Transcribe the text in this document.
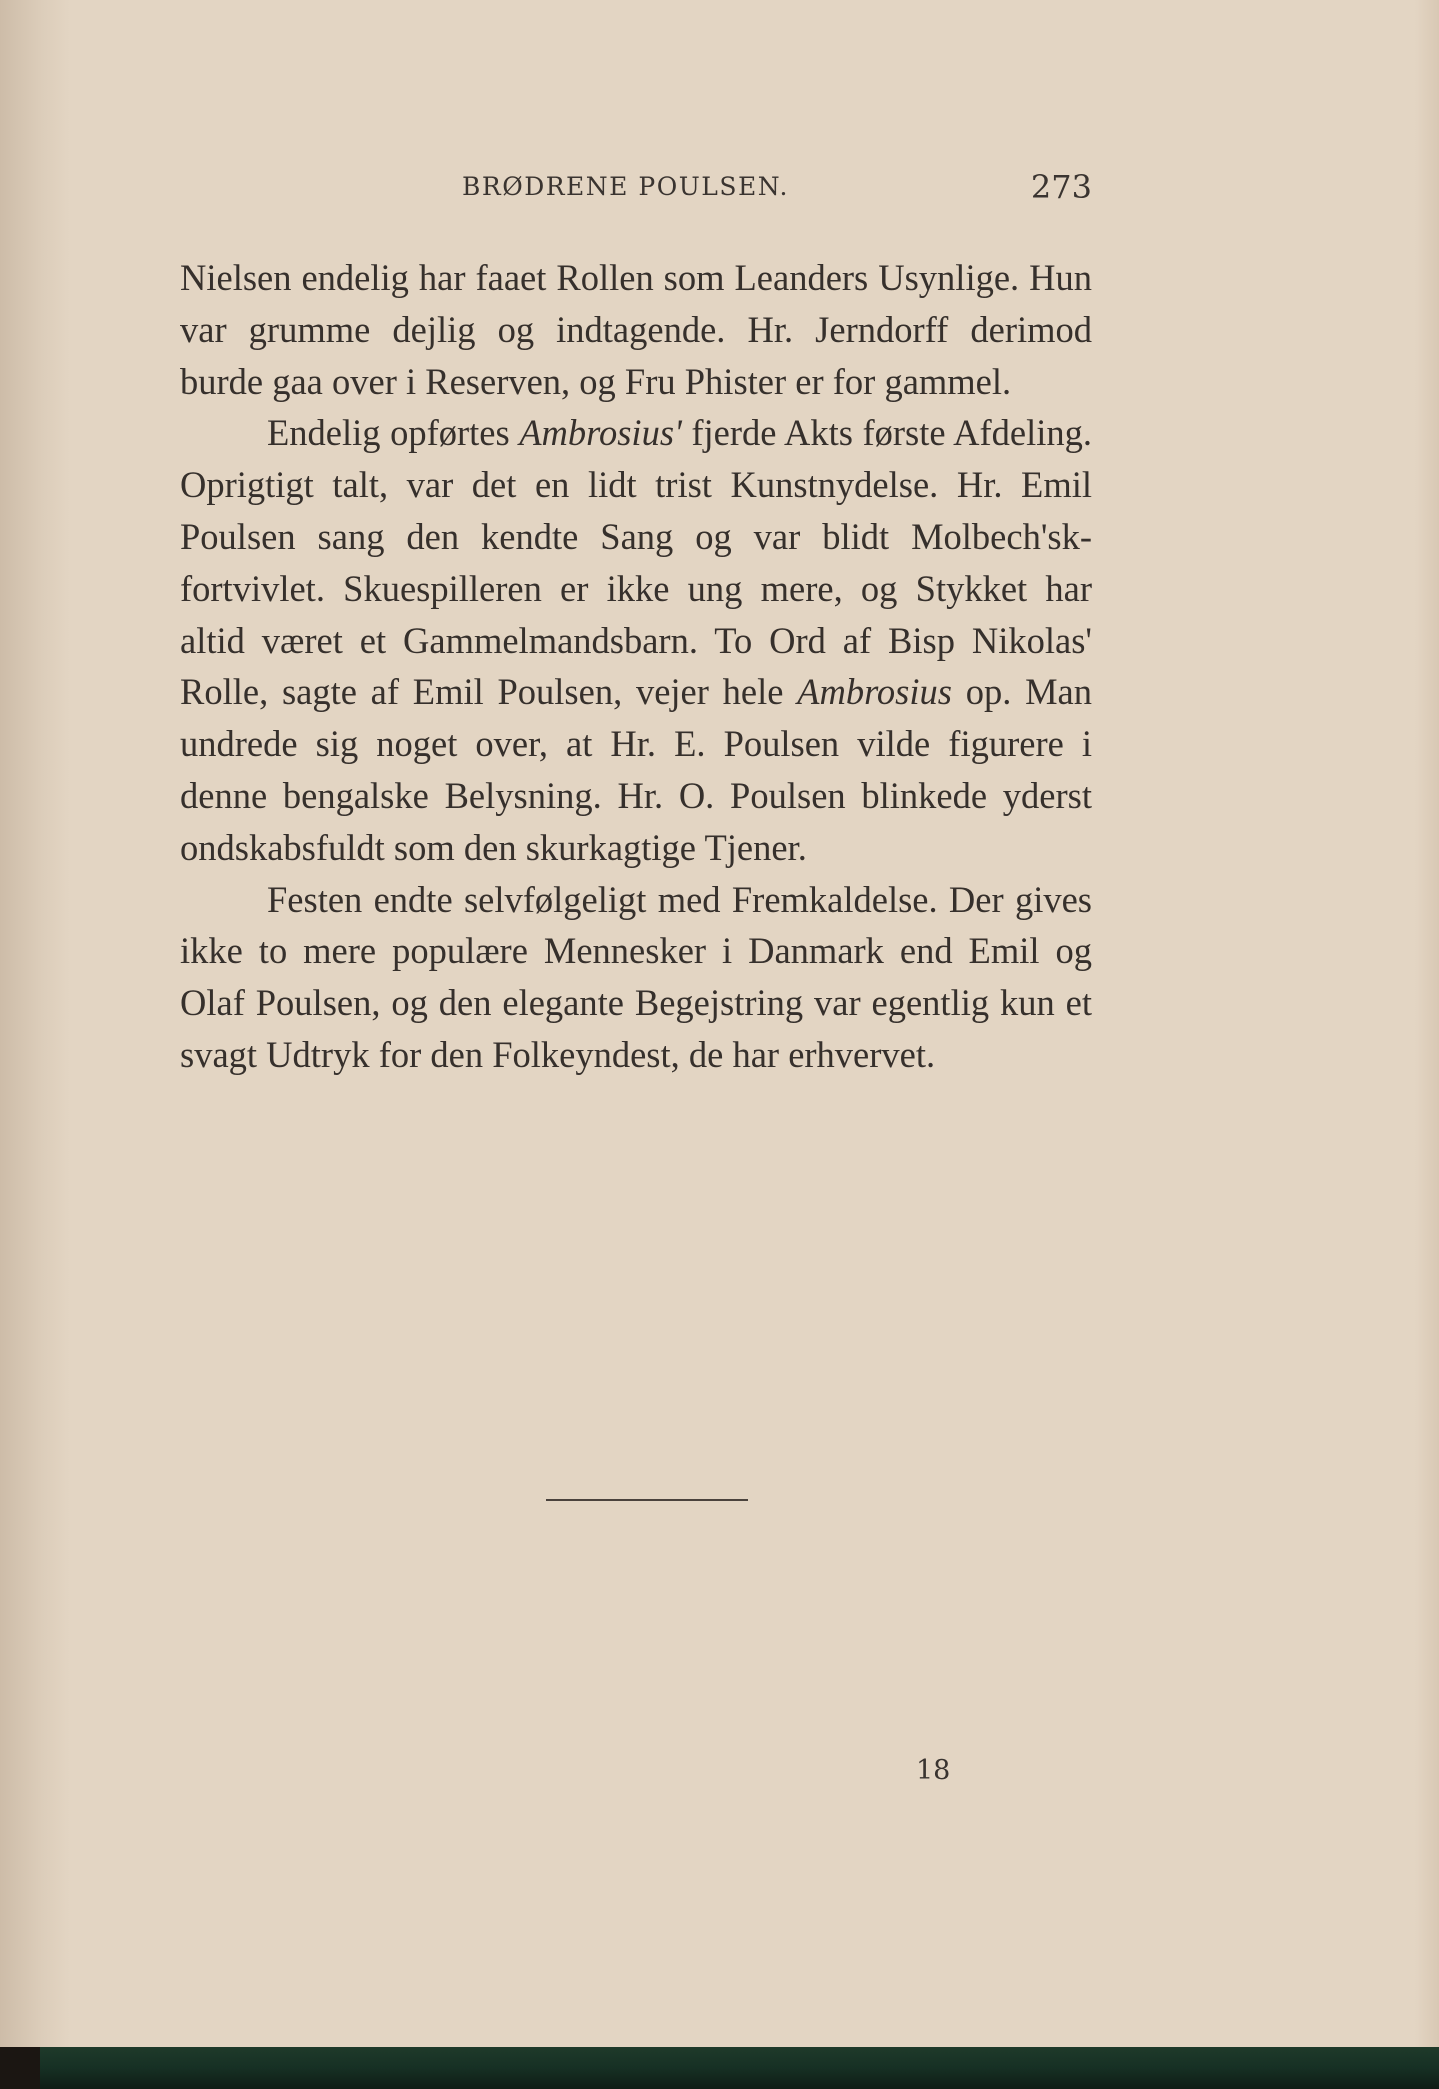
BRØDRENE POULSEN.	273

Nielsen endelig har faaet Rollen som Leanders Usynlige. Hun var grumme dejlig og indtagende. Hr. Jerndorff derimod burde gaa over i Reserven, og Fru Phister er for gammel.

Endelig opførtes Ambrosius' fjerde Akts første Afdeling. Oprigtigt talt, var det en lidt trist Kunstnydelse. Hr. Emil Poulsen sang den kendte Sang og var blidt Molbech'sk-fortvivlet. Skuespilleren er ikke ung mere, og Stykket har altid været et Gammelmandsbarn. To Ord af Bisp Nikolas' Rolle, sagte af Emil Poulsen, vejer hele Ambrosius op. Man undrede sig noget over, at Hr. E. Poulsen vilde figurere i denne bengalske Belysning. Hr. O. Poulsen blinkede yderst ondskabsfuldt som den skurkagtige Tjener.

Festen endte selvfølgeligt med Fremkaldelse. Der gives ikke to mere populære Mennesker i Danmark end Emil og Olaf Poulsen, og den elegante Begejstring var egentlig kun et svagt Udtryk for den Folkeyndest, de har erhvervet.

18
